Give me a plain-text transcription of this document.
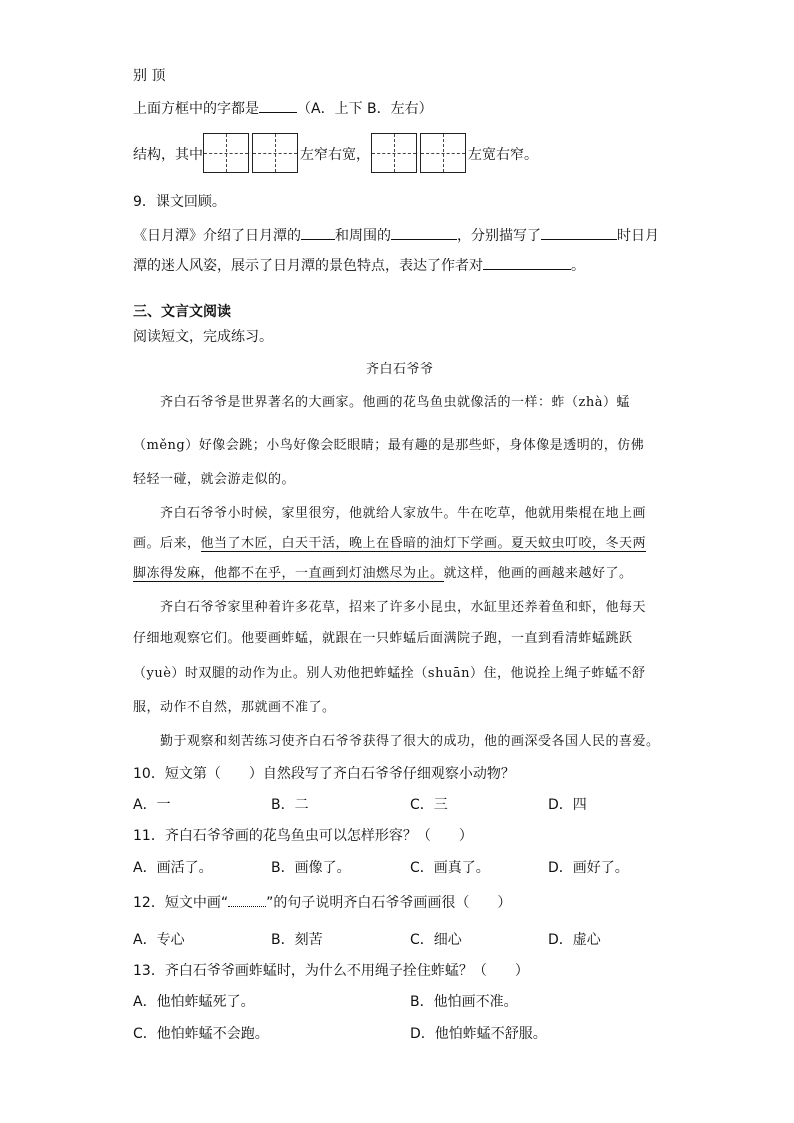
别 顶
上面方框中的字都是	（A．上下 B．左右）
结构，其中	左窄右宽，	左宽右窄。
9．课文回顾。
《日月潭》介绍了日月潭的 和周围的	，分别描写了	时日月
潭的迷人风姿，展示了日月潭的景色特点，表达了作者对	。
三、文言文阅读
阅读短文，完成练习。
齐白石爷爷
齐白石爷爷是世界著名的大画家。他画的花鸟鱼虫就像活的一样：蚱（zhà）蜢
（měng）好像会跳；小鸟好像会眨眼睛；最有趣的是那些虾，身体像是透明的，仿佛
轻轻一碰，就会游走似的。
齐白石爷爷小时候，家里很穷，他就给人家放牛。牛在吃草，他就用柴棍在地上画
画。后来，他当了木匠，白天干活，晚上在昏暗的油灯下学画。夏天蚊虫叮咬，冬天两
脚冻得发麻，他都不在乎，一直画到灯油燃尽为止。就这样，他画的画越来越好了。
齐白石爷爷家里种着许多花草，招来了许多小昆虫，水缸里还养着鱼和虾，他每天
仔细地观察它们。他要画蚱蜢，就跟在一只蚱蜢后面满院子跑，一直到看清蚱蜢跳跃
（yuè）时双腿的动作为止。别人劝他把蚱蜢拴（shuān）住，他说拴上绳子蚱蜢不舒
服，动作不自然，那就画不准了。
勤于观察和刻苦练习使齐白石爷爷获得了很大的成功，他的画深受各国人民的喜爱。
10．短文第（　　）自然段写了齐白石爷爷仔细观察小动物？
A．一	B．二	C．三	D．四
11．齐白石爷爷画的花鸟鱼虫可以怎样形容？（　　）
A．画活了。	B．画像了。	C．画真了。	D．画好了。
12．短文中画“	”的句子说明齐白石爷爷画画很（　　）
A．专心	B．刻苦	C．细心	D．虚心
13．齐白石爷爷画蚱蜢时，为什么不用绳子拴住蚱蜢？（　　）
A．他怕蚱蜢死了。	B．他怕画不准。
C．他怕蚱蜢不会跑。	D．他怕蚱蜢不舒服。
